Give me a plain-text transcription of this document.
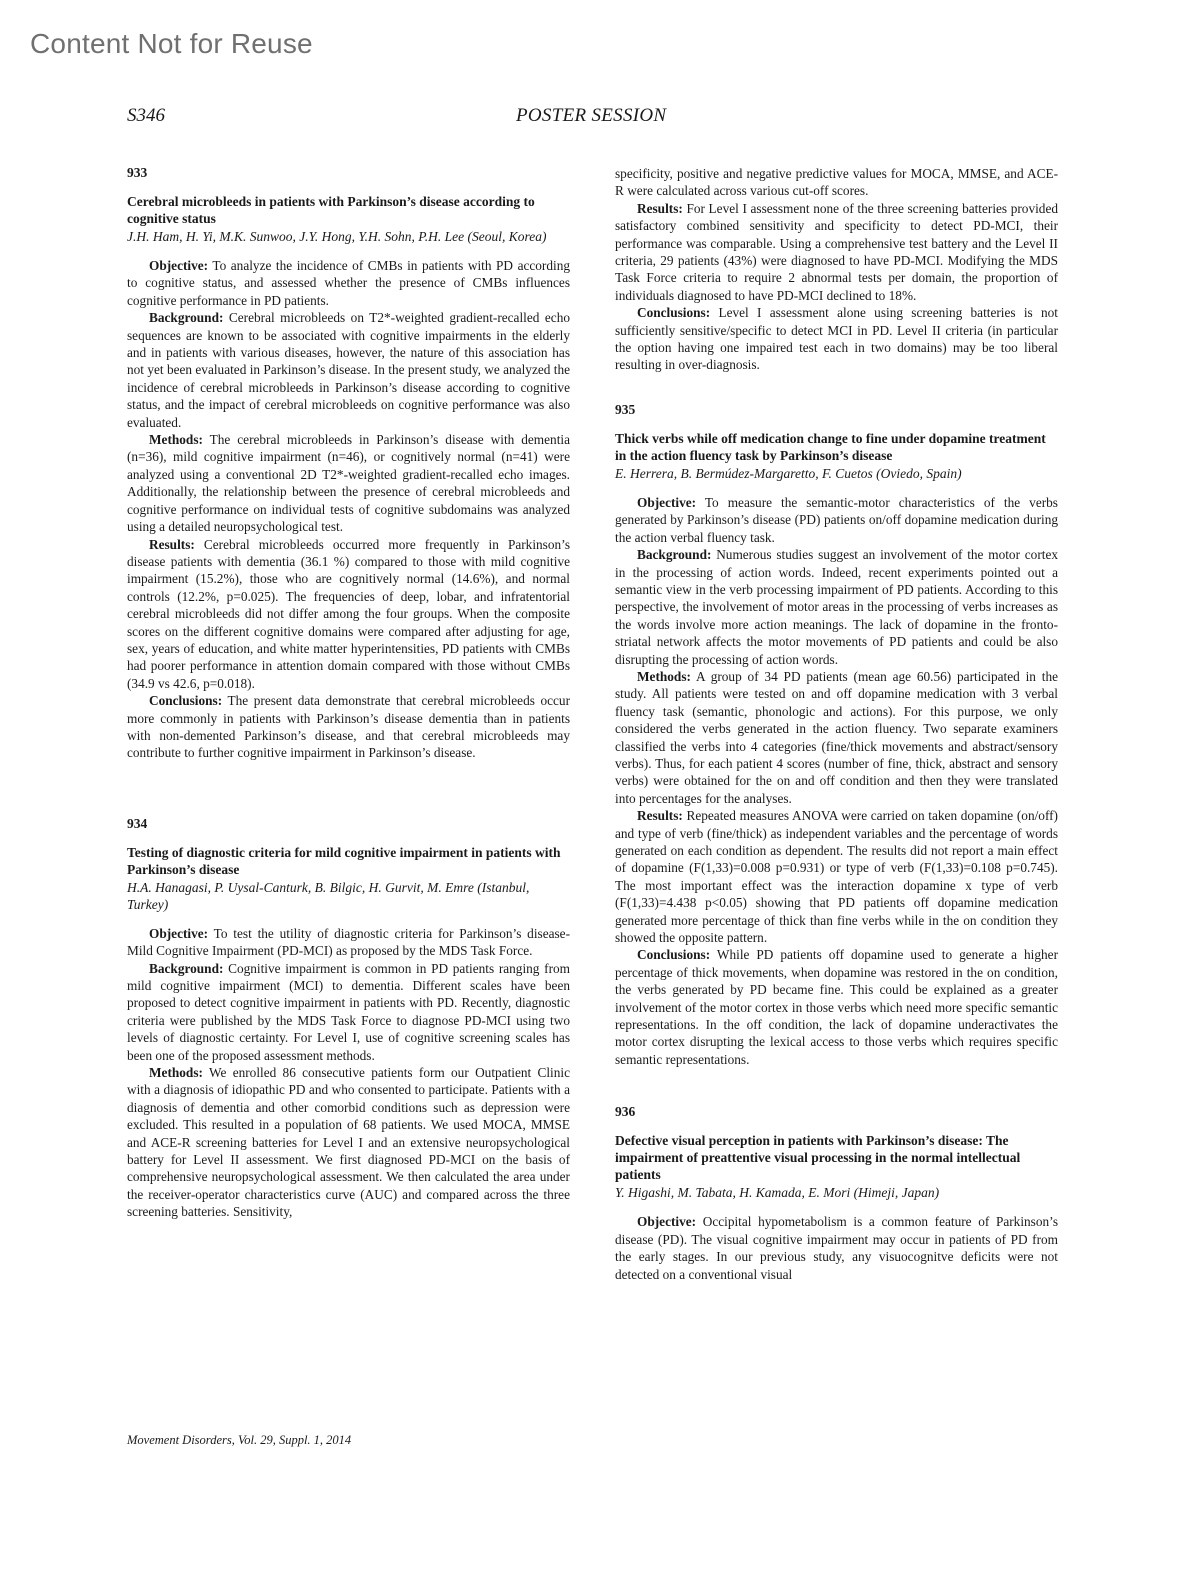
Content Not for Reuse
S346	POSTER SESSION

933

Cerebral microbleeds in patients with Parkinson’s disease according to cognitive status

J.H. Ham, H. Yi, M.K. Sunwoo, J.Y. Hong, Y.H. Sohn, P.H. Lee (Seoul, Korea)

Objective: To analyze the incidence of CMBs in patients with PD according to cognitive status, and assessed whether the presence of CMBs influences cognitive performance in PD patients.

Background: Cerebral microbleeds on T2*-weighted gradient-recalled echo sequences are known to be associated with cognitive impairments in the elderly and in patients with various diseases, however, the nature of this association has not yet been evaluated in Parkinson’s disease. In the present study, we analyzed the incidence of cerebral microbleeds in Parkinson’s disease according to cognitive status, and the impact of cerebral microbleeds on cognitive performance was also evaluated.

Methods: The cerebral microbleeds in Parkinson’s disease with dementia (n=36), mild cognitive impairment (n=46), or cognitively normal (n=41) were analyzed using a conventional 2D T2*-weighted gradient-recalled echo images. Additionally, the relationship between the presence of cerebral microbleeds and cognitive performance on individual tests of cognitive subdomains was analyzed using a detailed neuropsychological test.

Results: Cerebral microbleeds occurred more frequently in Parkinson’s disease patients with dementia (36.1 %) compared to those with mild cognitive impairment (15.2%), those who are cognitively normal (14.6%), and normal controls (12.2%, p=0.025). The frequencies of deep, lobar, and infratentorial cerebral microbleeds did not differ among the four groups. When the composite scores on the different cognitive domains were compared after adjusting for age, sex, years of education, and white matter hyperintensities, PD patients with CMBs had poorer performance in attention domain compared with those without CMBs (34.9 vs 42.6, p=0.018).

Conclusions: The present data demonstrate that cerebral microbleeds occur more commonly in patients with Parkinson’s disease dementia than in patients with non-demented Parkinson’s disease, and that cerebral microbleeds may contribute to further cognitive impairment in Parkinson’s disease.

934

Testing of diagnostic criteria for mild cognitive impairment in patients with Parkinson’s disease

H.A. Hanagasi, P. Uysal-Canturk, B. Bilgic, H. Gurvit, M. Emre (Istanbul, Turkey)

Objective: To test the utility of diagnostic criteria for Parkinson’s disease-Mild Cognitive Impairment (PD-MCI) as proposed by the MDS Task Force.

Background: Cognitive impairment is common in PD patients ranging from mild cognitive impairment (MCI) to dementia. Different scales have been proposed to detect cognitive impairment in patients with PD. Recently, diagnostic criteria were published by the MDS Task Force to diagnose PD-MCI using two levels of diagnostic certainty. For Level I, use of cognitive screening scales has been one of the proposed assessment methods.

Methods: We enrolled 86 consecutive patients form our Outpatient Clinic with a diagnosis of idiopathic PD and who consented to participate. Patients with a diagnosis of dementia and other comorbid conditions such as depression were excluded. This resulted in a population of 68 patients. We used MOCA, MMSE and ACE-R screening batteries for Level I and an extensive neuropsychological battery for Level II assessment. We first diagnosed PD-MCI on the basis of comprehensive neuropsychological assessment. We then calculated the area under the receiver-operator characteristics curve (AUC) and compared across the three screening batteries. Sensitivity,

specificity, positive and negative predictive values for MOCA, MMSE, and ACE-R were calculated across various cut-off scores.

Results: For Level I assessment none of the three screening batteries provided satisfactory combined sensitivity and specificity to detect PD-MCI, their performance was comparable. Using a comprehensive test battery and the Level II criteria, 29 patients (43%) were diagnosed to have PD-MCI. Modifying the MDS Task Force criteria to require 2 abnormal tests per domain, the proportion of individuals diagnosed to have PD-MCI declined to 18%.

Conclusions: Level I assessment alone using screening batteries is not sufficiently sensitive/specific to detect MCI in PD. Level II criteria (in particular the option having one impaired test each in two domains) may be too liberal resulting in over-diagnosis.

935

Thick verbs while off medication change to fine under dopamine treatment in the action fluency task by Parkinson’s disease

E. Herrera, B. Bermúdez-Margaretto, F. Cuetos (Oviedo, Spain)

Objective: To measure the semantic-motor characteristics of the verbs generated by Parkinson’s disease (PD) patients on/off dopamine medication during the action verbal fluency task.

Background: Numerous studies suggest an involvement of the motor cortex in the processing of action words. Indeed, recent experiments pointed out a semantic view in the verb processing impairment of PD patients. According to this perspective, the involvement of motor areas in the processing of verbs increases as the words involve more action meanings. The lack of dopamine in the fronto-striatal network affects the motor movements of PD patients and could be also disrupting the processing of action words.

Methods: A group of 34 PD patients (mean age 60.56) participated in the study. All patients were tested on and off dopamine medication with 3 verbal fluency task (semantic, phonologic and actions). For this purpose, we only considered the verbs generated in the action fluency. Two separate examiners classified the verbs into 4 categories (fine/thick movements and abstract/sensory verbs). Thus, for each patient 4 scores (number of fine, thick, abstract and sensory verbs) were obtained for the on and off condition and then they were translated into percentages for the analyses.

Results: Repeated measures ANOVA were carried on taken dopamine (on/off) and type of verb (fine/thick) as independent variables and the percentage of words generated on each condition as dependent. The results did not report a main effect of dopamine (F(1,33)=0.008 p=0.931) or type of verb (F(1,33)=0.108 p=0.745). The most important effect was the interaction dopamine x type of verb (F(1,33)=4.438 p<0.05) showing that PD patients off dopamine medication generated more percentage of thick than fine verbs while in the on condition they showed the opposite pattern.

Conclusions: While PD patients off dopamine used to generate a higher percentage of thick movements, when dopamine was restored in the on condition, the verbs generated by PD became fine. This could be explained as a greater involvement of the motor cortex in those verbs which need more specific semantic representations. In the off condition, the lack of dopamine underactivates the motor cortex disrupting the lexical access to those verbs which requires specific semantic representations.

936

Defective visual perception in patients with Parkinson’s disease: The impairment of preattentive visual processing in the normal intellectual patients

Y. Higashi, M. Tabata, H. Kamada, E. Mori (Himeji, Japan)

Objective: Occipital hypometabolism is a common feature of Parkinson’s disease (PD). The visual cognitive impairment may occur in patients of PD from the early stages. In our previous study, any visuocognitve deficits were not detected on a conventional visual

Movement Disorders, Vol. 29, Suppl. 1, 2014
